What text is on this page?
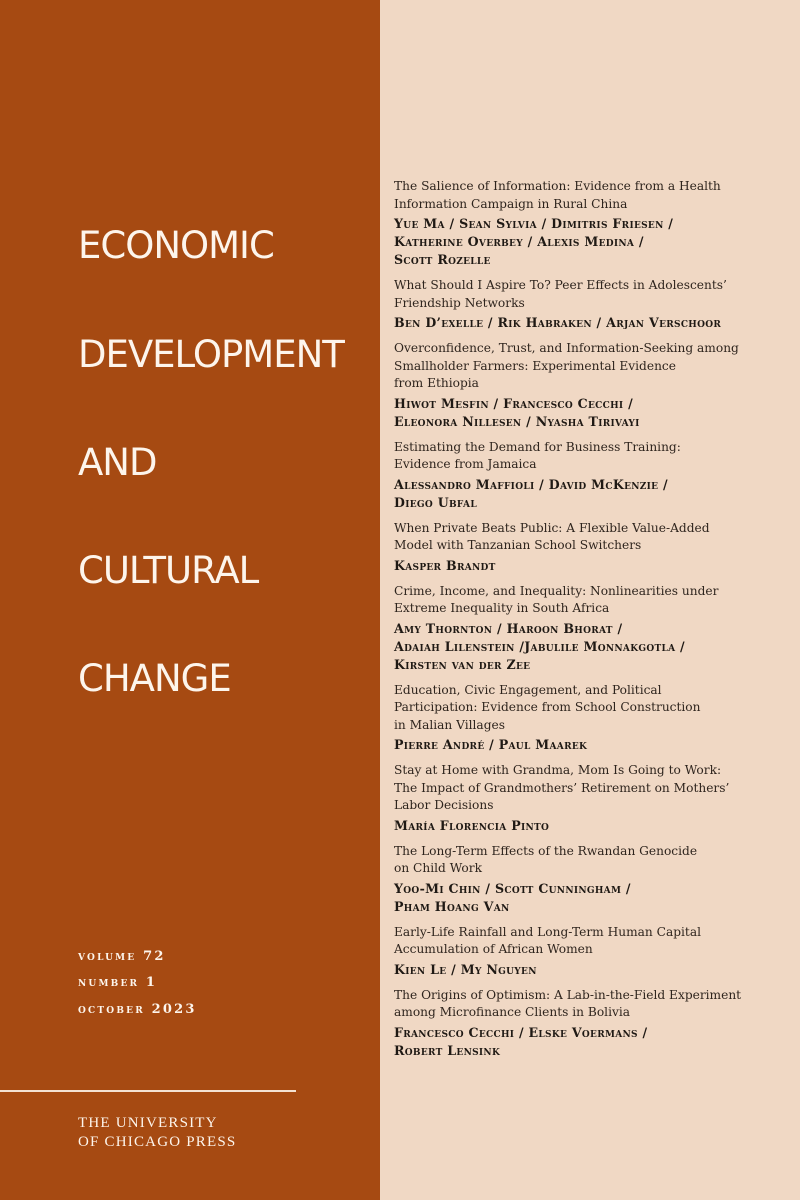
ECONOMIC
DEVELOPMENT
AND
CULTURAL
CHANGE
volume 72
number 1
october 2023
THE UNIVERSITY
OF CHICAGO PRESS
The Salience of Information: Evidence from a Health
Information Campaign in Rural China
Yue Ma / Sean Sylvia / Dimitris Friesen /
Katherine Overbey / Alexis Medina /
Scott Rozelle
What Should I Aspire To? Peer Effects in Adolescents’
Friendship Networks
Ben D’exelle / Rik Habraken / Arjan Verschoor
Overconfidence, Trust, and Information-Seeking among
Smallholder Farmers: Experimental Evidence
from Ethiopia
Hiwot Mesfin / Francesco Cecchi /
Eleonora Nillesen / Nyasha Tirivayi
Estimating the Demand for Business Training:
Evidence from Jamaica
Alessandro Maffioli / David McKenzie /
Diego Ubfal
When Private Beats Public: A Flexible Value-Added
Model with Tanzanian School Switchers
Kasper Brandt
Crime, Income, and Inequality: Nonlinearities under
Extreme Inequality in South Africa
Amy Thornton / Haroon Bhorat /
Adaiah Lilenstein /Jabulile Monnakgotla /
Kirsten van der Zee
Education, Civic Engagement, and Political
Participation: Evidence from School Construction
in Malian Villages
Pierre André / Paul Maarek
Stay at Home with Grandma, Mom Is Going to Work:
The Impact of Grandmothers’ Retirement on Mothers’
Labor Decisions
María Florencia Pinto
The Long-Term Effects of the Rwandan Genocide
on Child Work
Yoo-Mi Chin / Scott Cunningham /
Pham Hoang Van
Early-Life Rainfall and Long-Term Human Capital
Accumulation of African Women
Kien Le / My Nguyen
The Origins of Optimism: A Lab-in-the-Field Experiment
among Microfinance Clients in Bolivia
Francesco Cecchi / Elske Voermans /
Robert Lensink
